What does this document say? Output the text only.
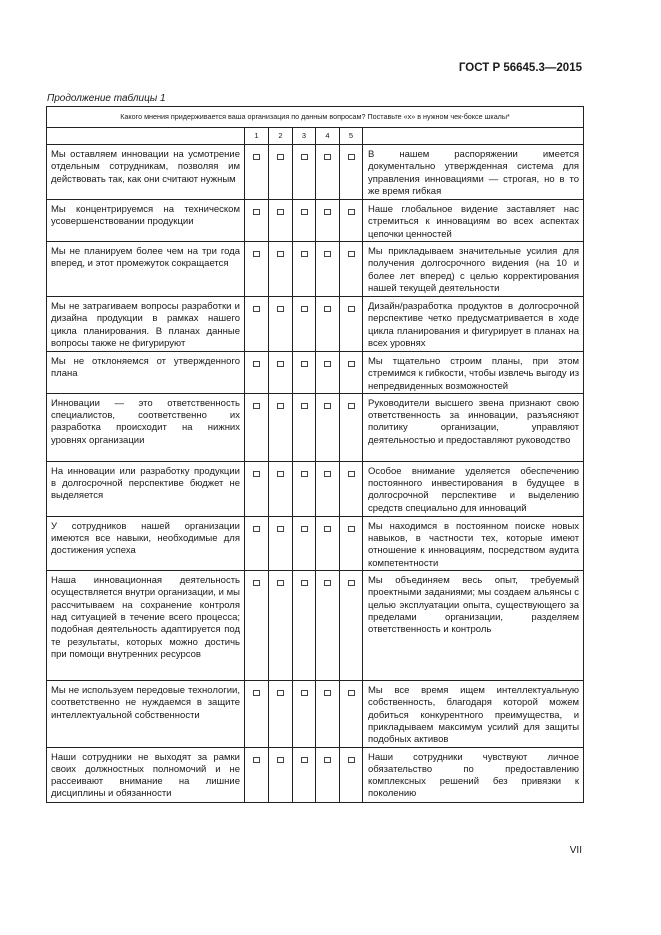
ГОСТ Р 56645.3—2015
Продолжение таблицы 1
Какого мнения придерживается ваша организация по данным вопросам? Поставьте «x» в нужном чек-боксе шкалы*						
	1	2	3	4	5	
Мы оставляем инновации на усмотрение отдельным сотрудникам, позволяя им действовать так, как они считают нужным						В нашем распоряжении имеется документально утвержденная система для управления инновациями — строгая, но в то же время гибкая
Мы концентрируемся на техническом усовершенствовании продукции						Наше глобальное видение заставляет нас стремиться к инновациям во всех аспектах цепочки ценностей
Мы не планируем более чем на три года вперед, и этот промежуток сокращается						Мы прикладываем значительные усилия для получения долгосрочного видения (на 10 и более лет вперед) с целью корректирования нашей текущей деятельности
Мы не затрагиваем вопросы разработки и дизайна продукции в рамках нашего цикла планирования. В планах данные вопросы также не фигурируют						Дизайн/разработка продуктов в долгосрочной перспективе четко предусматривается в ходе цикла планирования и фигурирует в планах на всех уровнях
Мы не отклоняемся от утвержденного плана						Мы тщательно строим планы, при этом стремимся к гибкости, чтобы извлечь выгоду из непредвиденных возможностей
Инновации — это ответственность специалистов, соответственно их разработка происходит на нижних уровнях организации						Руководители высшего звена признают свою ответственность за инновации, разъясняют политику организации, управляют деятельностью и предоставляют руководство
На инновации или разработку продукции в долгосрочной перспективе бюджет не выделяется						Особое внимание уделяется обеспечению постоянного инвестирования в будущее в долгосрочной перспективе и выделению средств специально для инноваций
У сотрудников нашей организации имеются все навыки, необходимые для достижения успеха						Мы находимся в постоянном поиске новых навыков, в частности тех, которые имеют отношение к инновациям, посредством аудита компетентности
Наша инновационная деятельность осуществляется внутри организации, и мы рассчитываем на сохранение контроля над ситуацией в течение всего процесса; подобная деятельность адаптируется под те результаты, которых можно достичь при помощи внутренних ресурсов						Мы объединяем весь опыт, требуемый проектными заданиями; мы создаем альянсы с целью эксплуатации опыта, существующего за пределами организации, разделяем ответственность и контроль
Мы не используем передовые технологии, соответственно не нуждаемся в защите интеллектуальной собственности						Мы все время ищем интеллектуальную собственность, благодаря которой можем добиться конкурентного преимущества, и прикладываем максимум усилий для защиты подобных активов
Наши сотрудники не выходят за рамки своих должностных полномочий и не рассеивают внимание на лишние дисциплины и обязанности						Наши сотрудники чувствуют личное обязательство по предоставлению комплексных решений без привязки к поколению
VII
